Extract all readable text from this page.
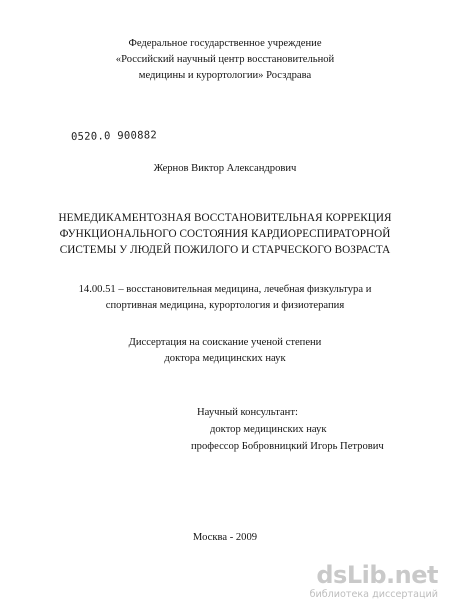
Федеральное государственное учреждение
«Российский научный центр восстановительной
медицины и курортологии» Росздрава
0520.0 900882
Жернов Виктор Александрович
НЕМЕДИКАМЕНТОЗНАЯ ВОССТАНОВИТЕЛЬНАЯ КОРРЕКЦИЯ
ФУНКЦИОНАЛЬНОГО СОСТОЯНИЯ КАРДИОРЕСПИРАТОРНОЙ
СИСТЕМЫ У ЛЮДЕЙ ПОЖИЛОГО И СТАРЧЕСКОГО ВОЗРАСТА
14.00.51 – восстановительная медицина, лечебная физкультура и
спортивная медицина, курортология и физиотерапия
Диссертация на соискание ученой степени
доктора медицинских наук
Научный консультант:
доктор медицинских наук
профессор Бобровницкий Игорь Петрович
Москва - 2009
dsLib.net
библиотека диссертаций
